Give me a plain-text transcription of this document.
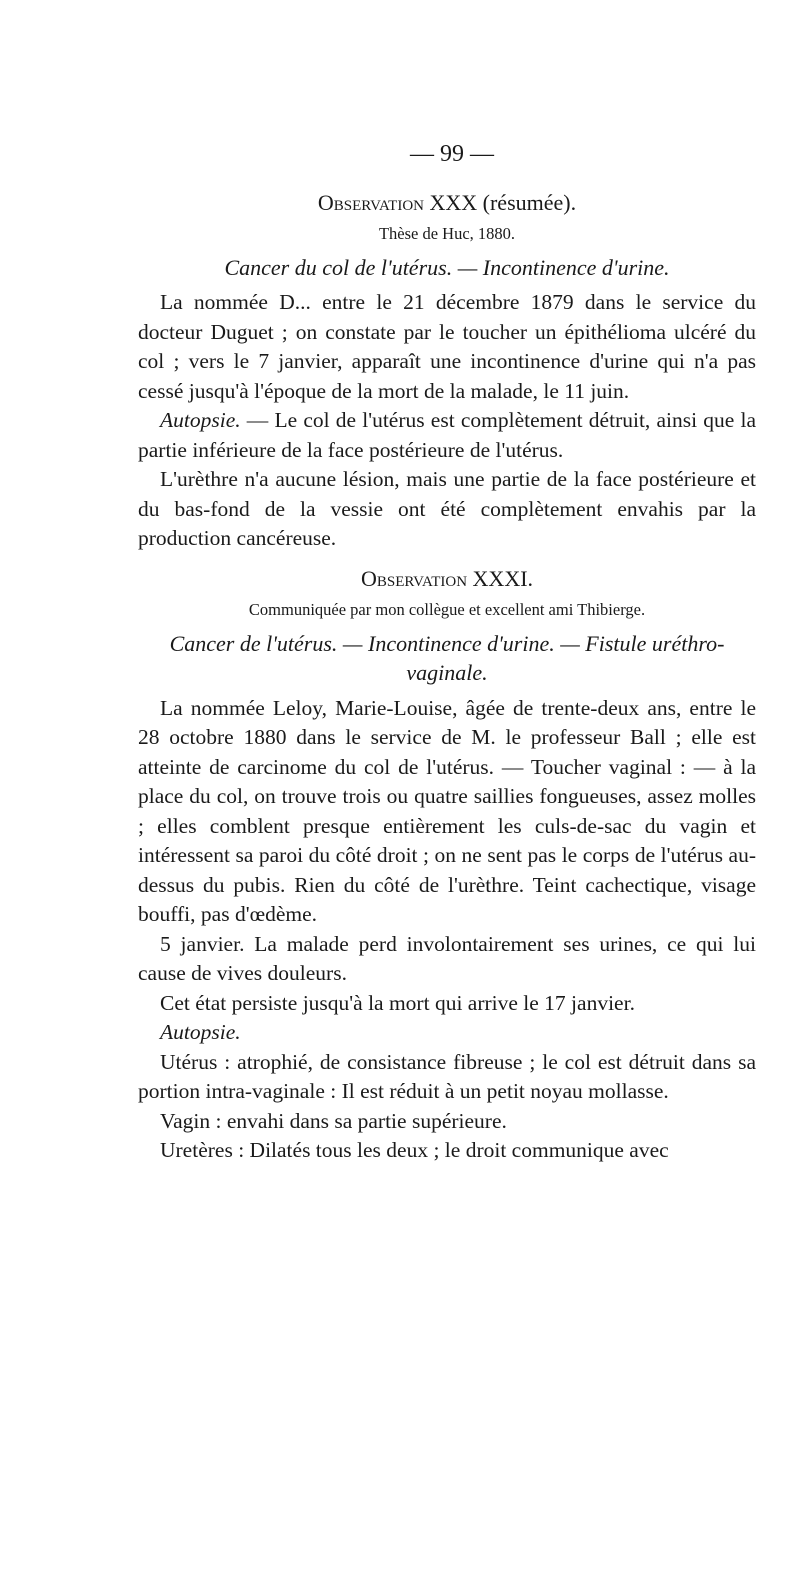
— 99 —
Observation XXX (résumée).
Thèse de Huc, 1880.
Cancer du col de l'utérus. — Incontinence d'urine.

La nommée D... entre le 21 décembre 1879 dans le service du docteur Duguet ; on constate par le toucher un épithélioma ulcéré du col ; vers le 7 janvier, apparaît une incontinence d'urine qui n'a pas cessé jusqu'à l'époque de la mort de la malade, le 11 juin.

Autopsie. — Le col de l'utérus est complètement détruit, ainsi que la partie inférieure de la face postérieure de l'utérus.

L'urèthre n'a aucune lésion, mais une partie de la face postérieure et du bas-fond de la vessie ont été complètement envahis par la production cancéreuse.

Observation XXXI.
Communiquée par mon collègue et excellent ami Thibierge.
Cancer de l'utérus. — Incontinence d'urine. — Fistule uréthro-vaginale.

La nommée Leloy, Marie-Louise, âgée de trente-deux ans, entre le 28 octobre 1880 dans le service de M. le professeur Ball ; elle est atteinte de carcinome du col de l'utérus. — Toucher vaginal : — à la place du col, on trouve trois ou quatre saillies fongueuses, assez molles ; elles comblent presque entièrement les culs-de-sac du vagin et intéressent sa paroi du côté droit ; on ne sent pas le corps de l'utérus au-dessus du pubis. Rien du côté de l'urèthre. Teint cachectique, visage bouffi, pas d'œdème.

5 janvier. La malade perd involontairement ses urines, ce qui lui cause de vives douleurs.

Cet état persiste jusqu'à la mort qui arrive le 17 janvier.

Autopsie.

Utérus : atrophié, de consistance fibreuse ; le col est détruit dans sa portion intra-vaginale : Il est réduit à un petit noyau mollasse.

Vagin : envahi dans sa partie supérieure.

Uretères : Dilatés tous les deux ; le droit communique avec
